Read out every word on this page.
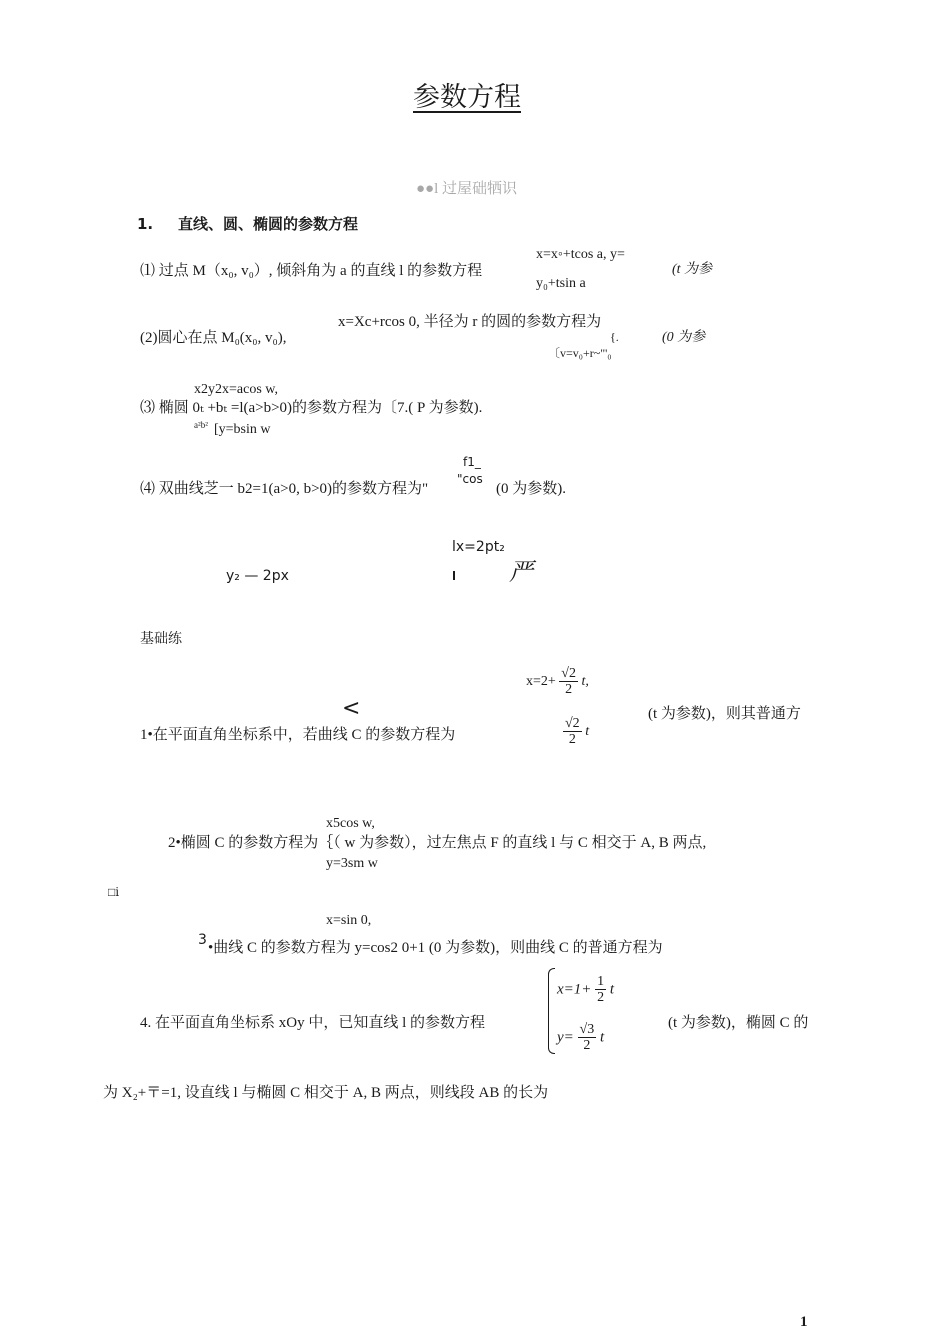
参数方程
●●l 过屋础牺识
1. 直线、圆、椭圆的参数方程
x=x◦+tcos a, y=
⑴ 过点 M（x₀, v₀）, 倾斜角为 a 的直线 l 的参数方程
y₀+tsin a
(t 为参
x=Xc+rcos 0, 半径为 r 的圆的参数方程为
(2)圆心在点 M₀(x₀, v₀),	{.
〔v=v₀+r~"'₀
(0 为参
x2y2x=acos w,
⑶ 椭圆 0ₜ +bₜ =l(a>b>0)的参数方程为〔7.( P 为参数).
a²b² [y=bsin w
f1_
"cos
⑷ 双曲线芝一 b2=1(a>0, b>0)的参数方程为"	(0 为参数).
lx=2pt₂
y₂ — 2px	严
基础练
<
$x=2+ \frac{√2}{2} t$,
$\frac{√2}{2}$ t
1•在平面直角坐标系中，若曲线 C 的参数方程为
(t 为参数)，则其普通方
x5cos w,
2•椭圆 C 的参数方程为｛（ w 为参数），过左焦点 F 的直线 l 与 C 相交于 A, B 两点,
y=3sm w
□ⅰ
x=sin 0,
3 •曲线 C 的参数方程为 y=cos2 0+1 (0 为参数)，则曲线 C 的普通方程为
$x=1+ \frac{1}{2}$ t
$y= \frac{√3}{2}$ t
4. 在平面直角坐标系 xOy 中，已知直线 l 的参数方程	(t 为参数)，椭圆 C 的
为 X₂+〒=1, 设直线 l 与椭圆 C 相交于 A, B 两点，则线段 AB 的长为
1
